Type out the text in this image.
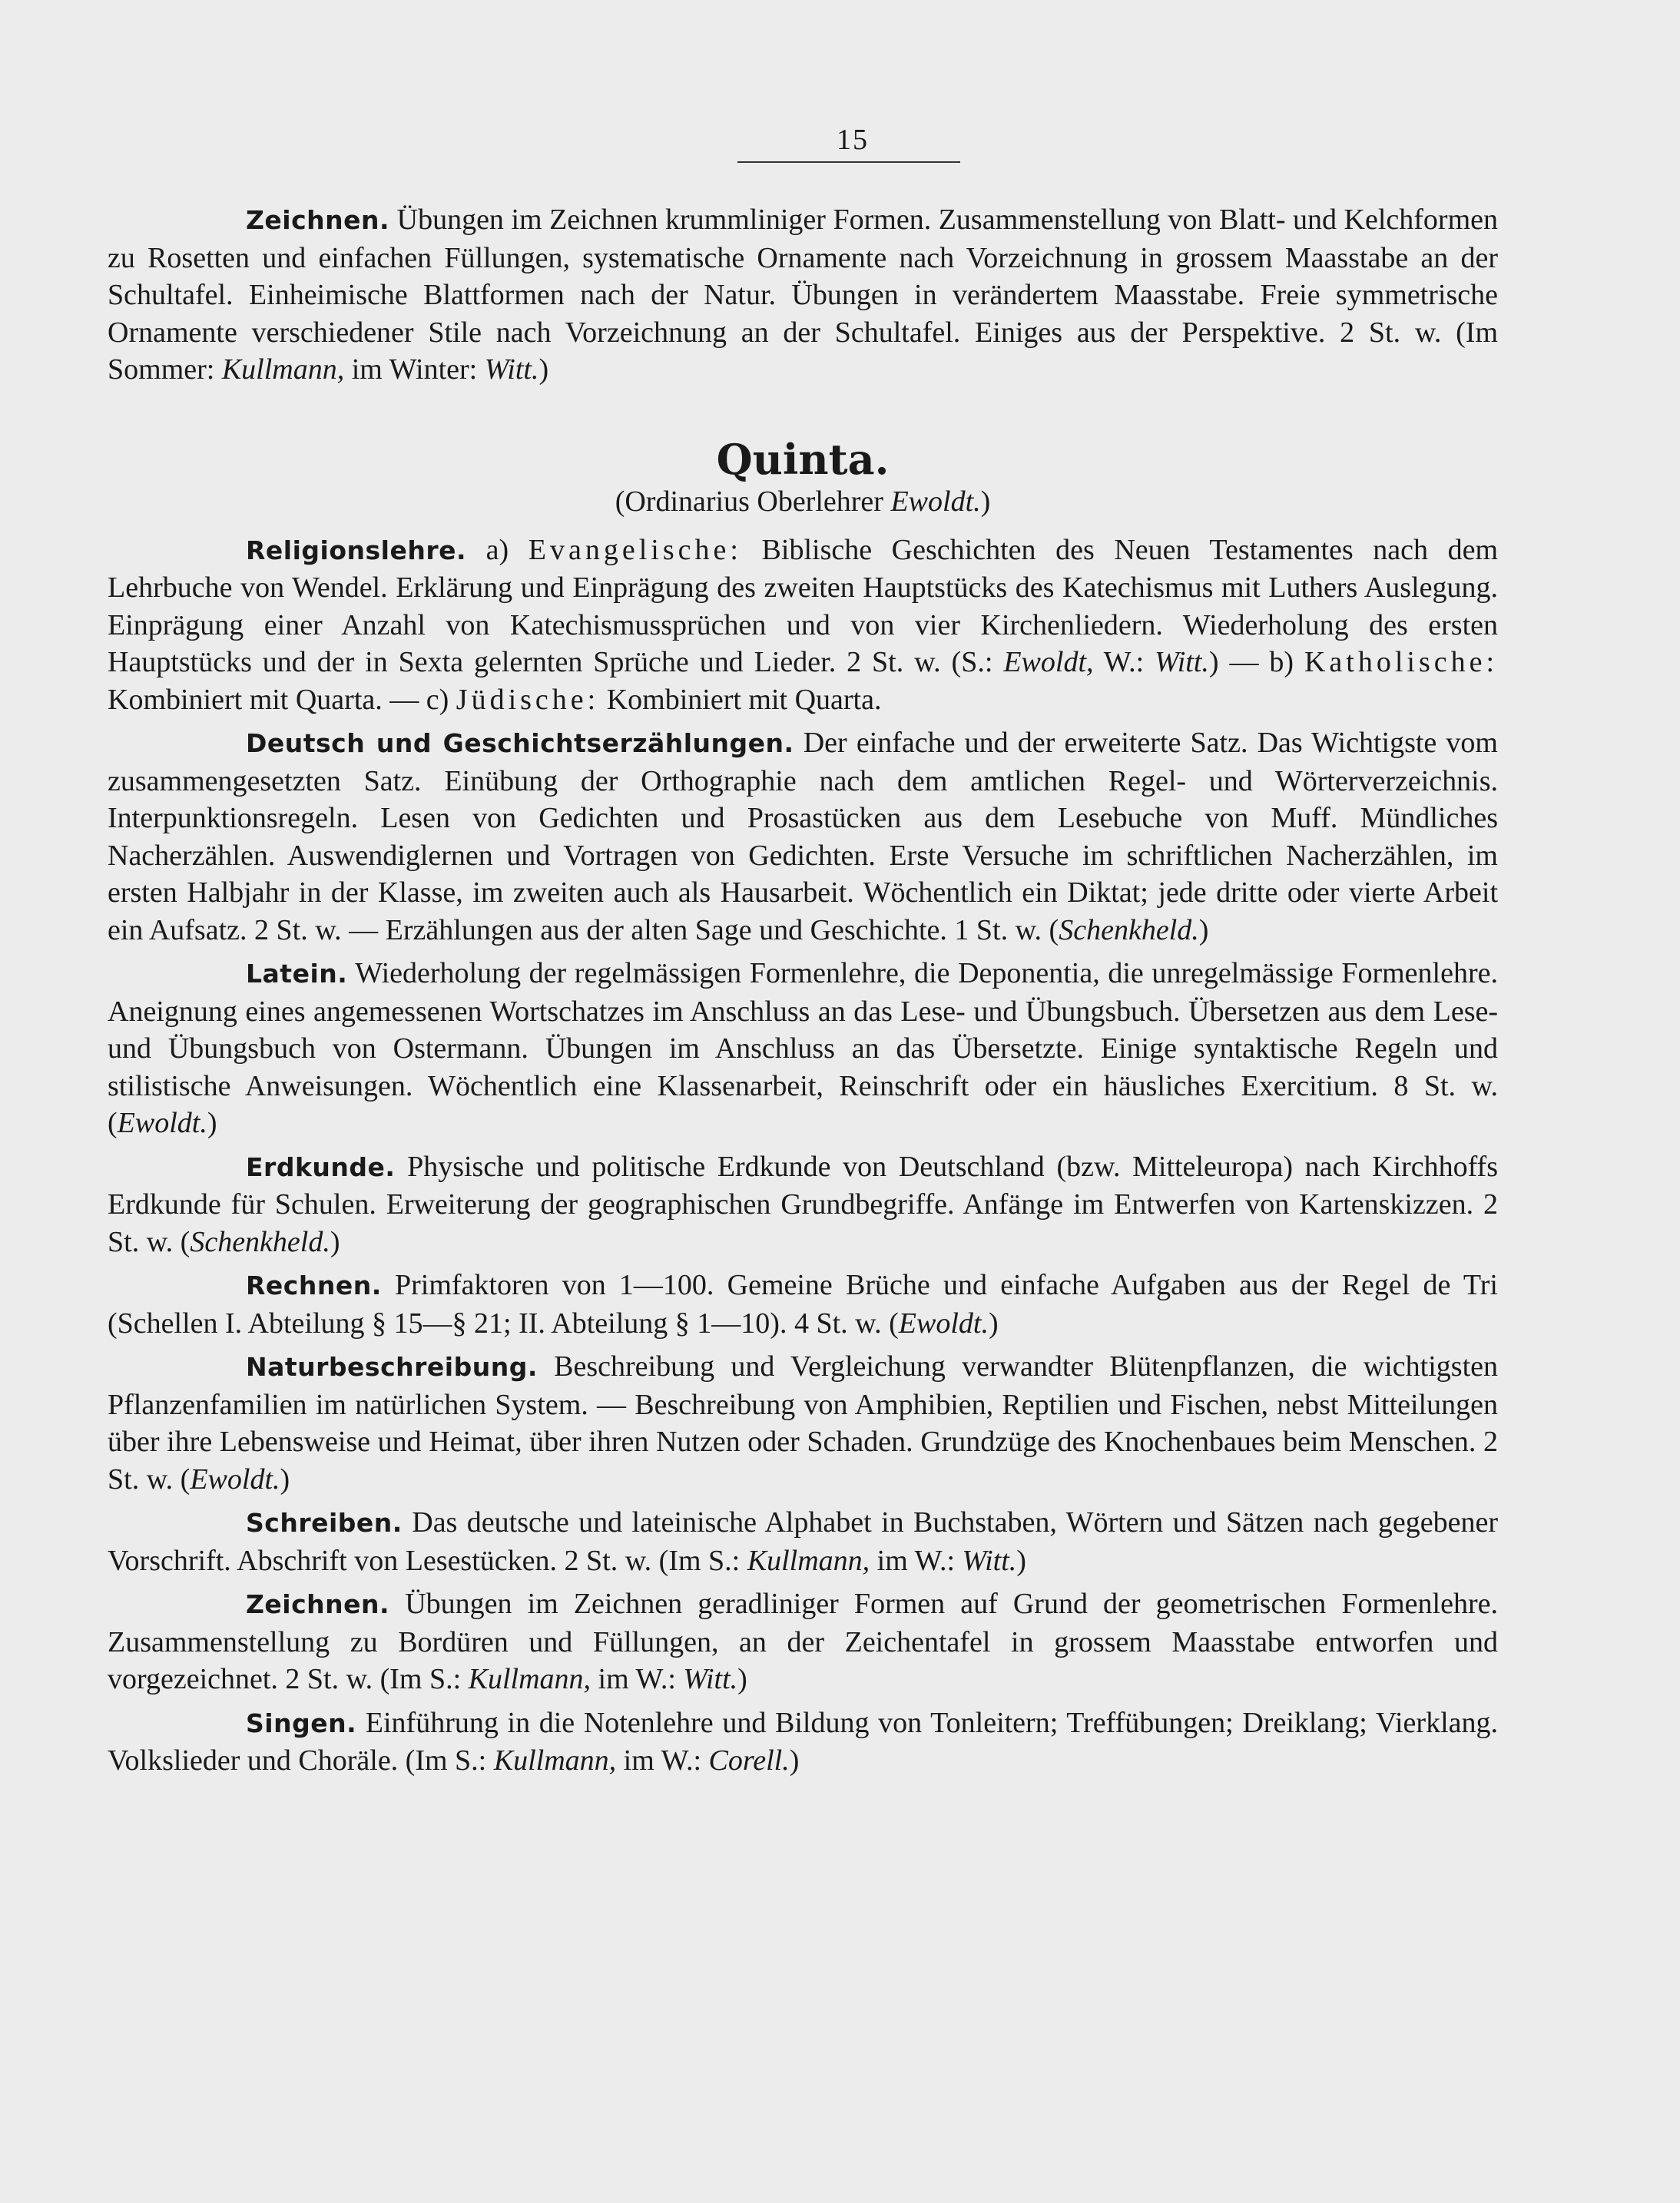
15

Zeichnen. Übungen im Zeichnen krummliniger Formen. Zusammenstellung von Blatt- und Kelchformen zu Rosetten und einfachen Füllungen, systematische Ornamente nach Vorzeichnung in grossem Maasstabe an der Schultafel. Einheimische Blattformen nach der Natur. Übungen in verändertem Maasstabe. Freie symmetrische Ornamente verschiedener Stile nach Vorzeichnung an der Schultafel. Einiges aus der Perspektive. 2 St. w. (Im Sommer: Kullmann, im Winter: Witt.)

Quinta.
(Ordinarius Oberlehrer Ewoldt.)

Religionslehre. a) Evangelische: Biblische Geschichten des Neuen Testamentes nach dem Lehrbuche von Wendel. Erklärung und Einprägung des zweiten Hauptstücks des Katechismus mit Luthers Auslegung. Einprägung einer Anzahl von Katechismussprüchen und von vier Kirchenliedern. Wiederholung des ersten Hauptstücks und der in Sexta gelernten Sprüche und Lieder. 2 St. w. (S.: Ewoldt, W.: Witt.) — b) Katholische: Kombiniert mit Quarta. — c) Jüdische: Kombiniert mit Quarta.

Deutsch und Geschichtserzählungen. Der einfache und der erweiterte Satz. Das Wichtigste vom zusammengesetzten Satz. Einübung der Orthographie nach dem amtlichen Regel- und Wörterverzeichnis. Interpunktionsregeln. Lesen von Gedichten und Prosastücken aus dem Lesebuche von Muff. Mündliches Nacherzählen. Auswendiglernen und Vortragen von Gedichten. Erste Versuche im schriftlichen Nacherzählen, im ersten Halbjahr in der Klasse, im zweiten auch als Hausarbeit. Wöchentlich ein Diktat; jede dritte oder vierte Arbeit ein Aufsatz. 2 St. w. — Erzählungen aus der alten Sage und Geschichte. 1 St. w. (Schenkheld.)

Latein. Wiederholung der regelmässigen Formenlehre, die Deponentia, die unregelmässige Formenlehre. Aneignung eines angemessenen Wortschatzes im Anschluss an das Lese- und Übungsbuch. Übersetzen aus dem Lese- und Übungsbuch von Ostermann. Übungen im Anschluss an das Übersetzte. Einige syntaktische Regeln und stilistische Anweisungen. Wöchentlich eine Klassenarbeit, Reinschrift oder ein häusliches Exercitium. 8 St. w. (Ewoldt.)

Erdkunde. Physische und politische Erdkunde von Deutschland (bzw. Mitteleuropa) nach Kirchhoffs Erdkunde für Schulen. Erweiterung der geographischen Grundbegriffe. Anfänge im Entwerfen von Kartenskizzen. 2 St. w. (Schenkheld.)

Rechnen. Primfaktoren von 1—100. Gemeine Brüche und einfache Aufgaben aus der Regel de Tri (Schellen I. Abteilung § 15—§ 21; II. Abteilung § 1—10). 4 St. w. (Ewoldt.)

Naturbeschreibung. Beschreibung und Vergleichung verwandter Blütenpflanzen, die wichtigsten Pflanzenfamilien im natürlichen System. — Beschreibung von Amphibien, Reptilien und Fischen, nebst Mitteilungen über ihre Lebensweise und Heimat, über ihren Nutzen oder Schaden. Grundzüge des Knochenbaues beim Menschen. 2 St. w. (Ewoldt.)

Schreiben. Das deutsche und lateinische Alphabet in Buchstaben, Wörtern und Sätzen nach gegebener Vorschrift. Abschrift von Lesestücken. 2 St. w. (Im S.: Kullmann, im W.: Witt.)

Zeichnen. Übungen im Zeichnen geradliniger Formen auf Grund der geometrischen Formenlehre. Zusammenstellung zu Bordüren und Füllungen, an der Zeichentafel in grossem Maasstabe entworfen und vorgezeichnet. 2 St. w. (Im S.: Kullmann, im W.: Witt.)

Singen. Einführung in die Notenlehre und Bildung von Tonleitern; Treffübungen; Dreiklang; Vierklang. Volkslieder und Choräle. (Im S.: Kullmann, im W.: Corell.)
